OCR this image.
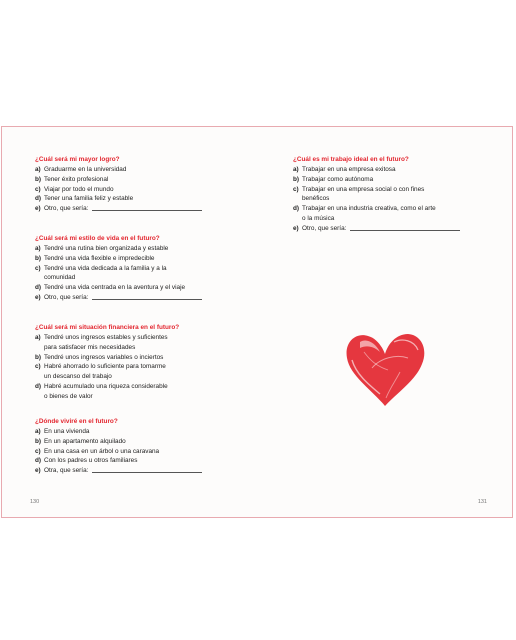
¿Cuál será mi mayor logro?
a) Graduarme en la universidad
b) Tener éxito profesional
c) Viajar por todo el mundo
d) Tener una familia feliz y estable
e) Otro, que sería:
¿Cuál será mi estilo de vida en el futuro?
a) Tendré una rutina bien organizada y estable
b) Tendré una vida flexible e impredecible
c) Tendré una vida dedicada a la familia y a la
comunidad
d) Tendré una vida centrada en la aventura y el viaje
e) Otro, que sería:
¿Cuál será mi situación financiera en el futuro?
a) Tendré unos ingresos estables y suficientes
para satisfacer mis necesidades
b) Tendré unos ingresos variables o inciertos
c) Habré ahorrado lo suficiente para tomarme
un descanso del trabajo
d) Habré acumulado una riqueza considerable
o bienes de valor
¿Dónde viviré en el futuro?
a) En una vivienda
b) En un apartamento alquilado
c) En una casa en un árbol o una caravana
d) Con los padres u otros familiares
e) Otra, que sería:
130
¿Cuál es mi trabajo ideal en el futuro?
a) Trabajar en una empresa exitosa
b) Trabajar como autónoma
c) Trabajar en una empresa social o con fines
benéficos
d) Trabajar en una industria creativa, como el arte
o la música
e) Otro, que sería:
131
